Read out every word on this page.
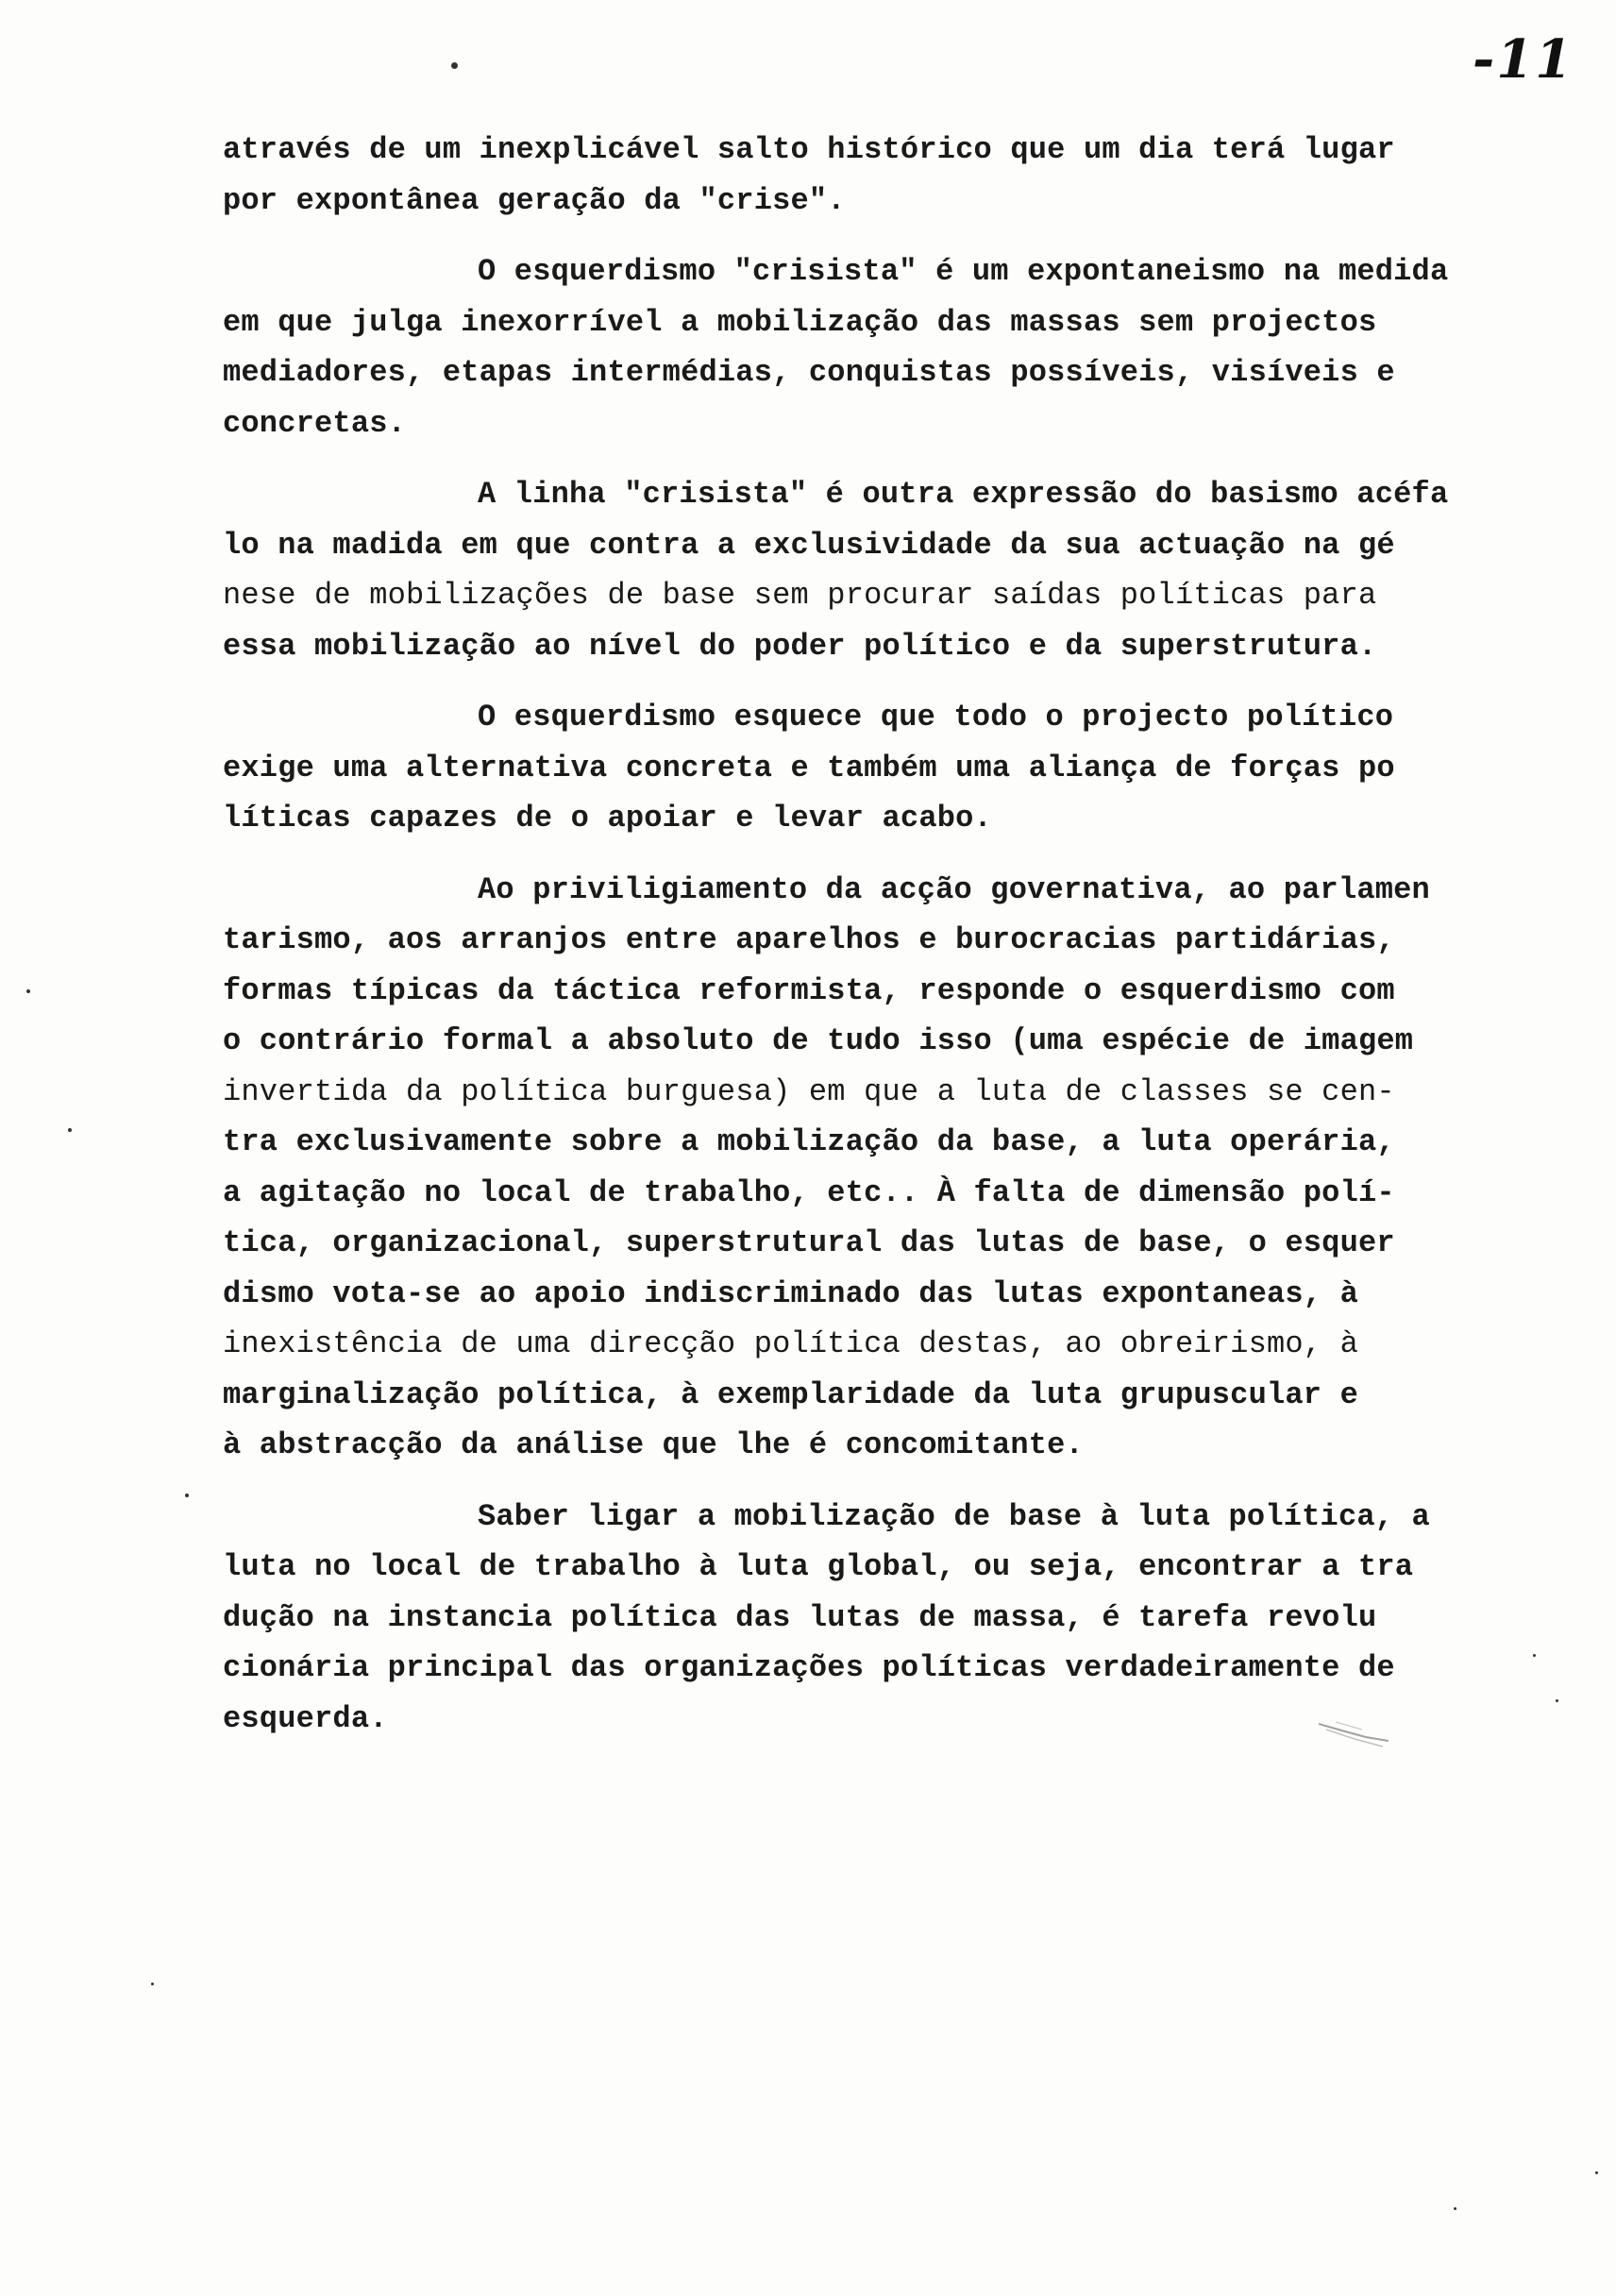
-11
através de um inexplicável salto histórico que um dia terá lugar
por expontânea geração da "crise".
O esquerdismo "crisista" é um expontaneismo na medida
em que julga inexorrível a mobilização das massas sem projectos
mediadores, etapas intermédias, conquistas possíveis, visíveis e
concretas.
A linha "crisista" é outra expressão do basismo acéfa
lo na madida em que contra a exclusividade da sua actuação na gé
nese de mobilizações de base sem procurar saídas políticas para
essa mobilização ao nível do poder político e da superstrutura.
O esquerdismo esquece que todo o projecto político
exige uma alternativa concreta e também uma aliança de forças po
líticas capazes de o apoiar e levar acabo.
Ao priviligiamento da acção governativa, ao parlamen
tarismo, aos arranjos entre aparelhos e burocracias partidárias,
formas típicas da táctica reformista, responde o esquerdismo com
o contrário formal a absoluto de tudo isso (uma espécie de imagem
invertida da política burguesa) em que a luta de classes se cen-
tra exclusivamente sobre a mobilização da base, a luta operária,
a agitação no local de trabalho, etc.. À falta de dimensão polí-
tica, organizacional, superstrutural das lutas de base, o esquer
dismo vota-se ao apoio indiscriminado das lutas expontaneas, à
inexistência de uma direcção política destas, ao obreirismo, à
marginalização política, à exemplaridade da luta grupuscular e
à abstracção da análise que lhe é concomitante.
Saber ligar a mobilização de base à luta política, a
luta no local de trabalho à luta global, ou seja, encontrar a tra
dução na instancia política das lutas de massa, é tarefa revolu
cionária principal das organizações políticas verdadeiramente de
esquerda.
